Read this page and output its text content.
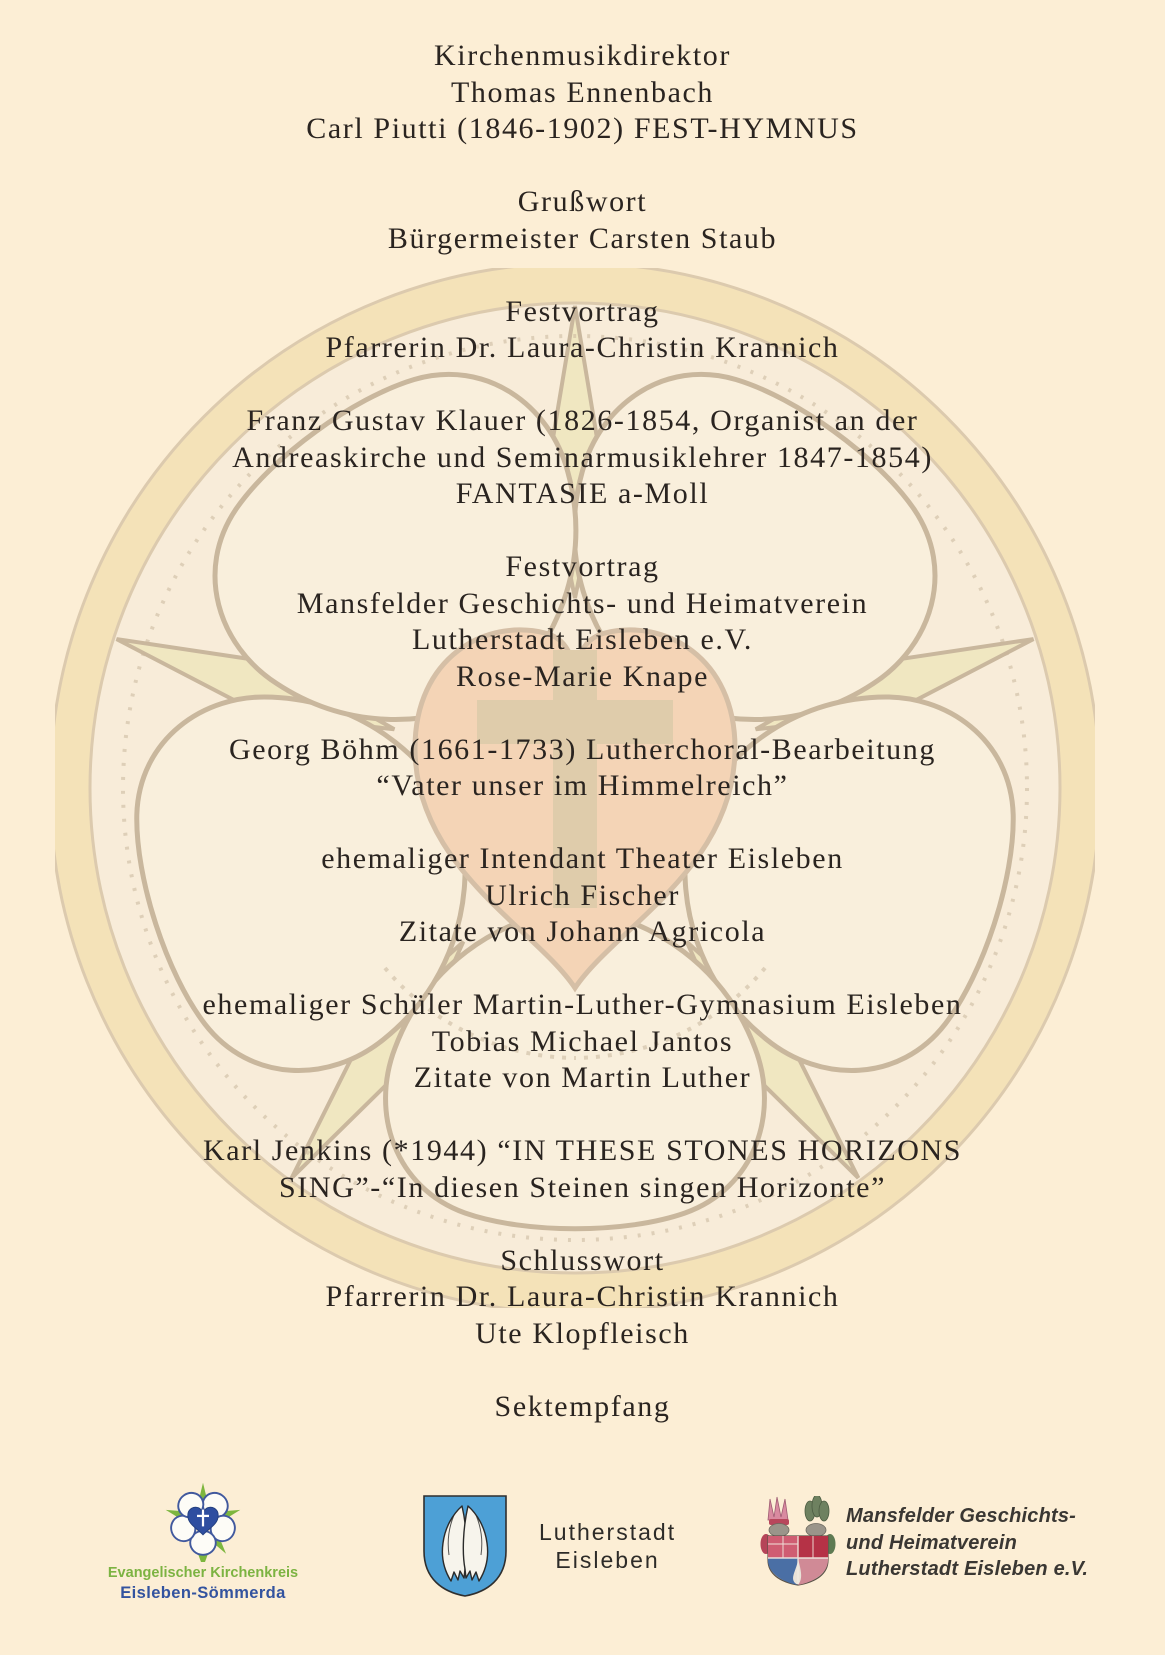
Kirchenmusikdirektor

Thomas Ennenbach

Carl Piutti (1846-1902) FEST-HYMNUS

Grußwort

Bürgermeister Carsten Staub

Festvortrag

Pfarrerin Dr. Laura-Christin Krannich

Franz Gustav Klauer (1826-1854, Organist an der

Andreaskirche und Seminarmusiklehrer 1847-1854)

FANTASIE a-Moll

Festvortrag

Mansfelder Geschichts- und Heimatverein

Lutherstadt Eisleben e.V.

Rose-Marie Knape

Georg Böhm (1661-1733) Lutherchoral-Bearbeitung

“Vater unser im Himmelreich”

ehemaliger Intendant Theater Eisleben

Ulrich Fischer

Zitate von Johann Agricola

ehemaliger Schüler Martin-Luther-Gymnasium Eisleben

Tobias Michael Jantos

Zitate von Martin Luther

Karl Jenkins (*1944) “IN THESE STONES HORIZONS

SING”-“In diesen Steinen singen Horizonte”

Schlusswort

Pfarrerin Dr. Laura-Christin Krannich

Ute Klopfleisch

Sektempfang

Evangelischer Kirchenkreis
Eisleben-Sömmerda
Lutherstadt
Eisleben
Mansfelder Geschichts-
und Heimatverein
Lutherstadt Eisleben e.V.
